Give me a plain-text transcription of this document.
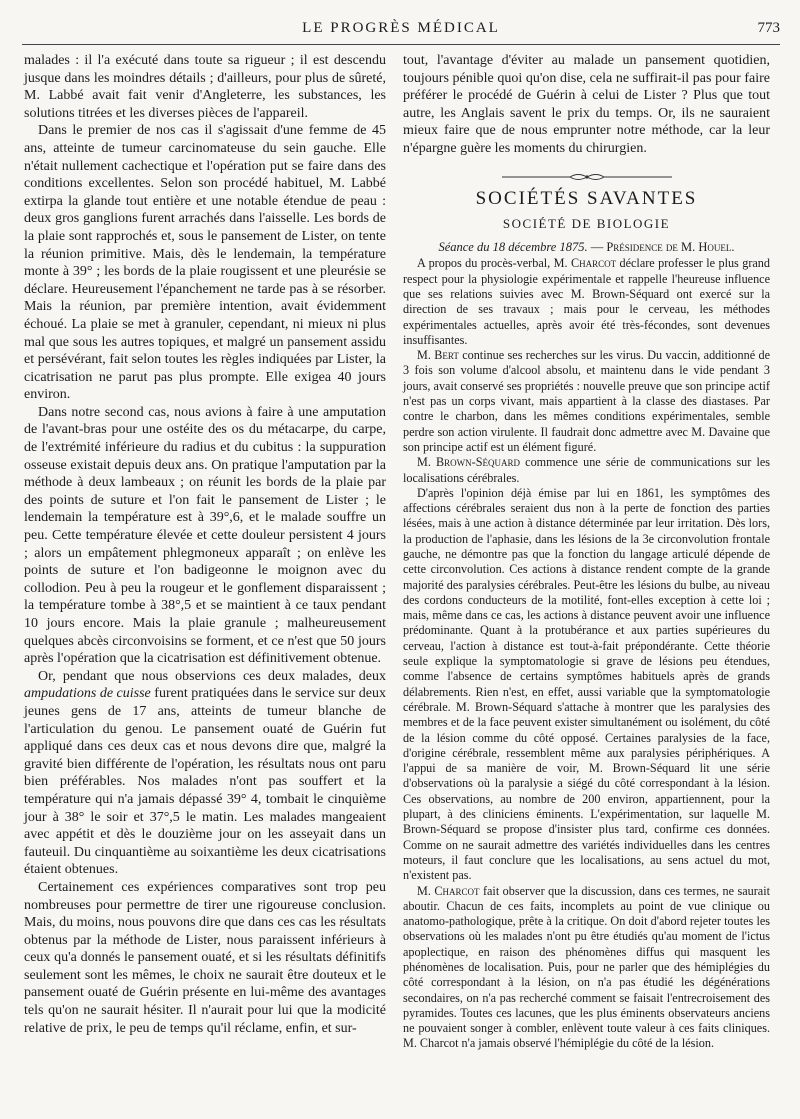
LE PROGRÈS MÉDICAL	773

malades : il l'a exécuté dans toute sa rigueur ; il est descendu jusque dans les moindres détails ; d'ailleurs, pour plus de sûreté, M. Labbé avait fait venir d'Angleterre, les substances, les solutions titrées et les diverses pièces de l'appareil.

Dans le premier de nos cas il s'agissait d'une femme de 45 ans, atteinte de tumeur carcinomateuse du sein gauche. Elle n'était nullement cachectique et l'opération put se faire dans des conditions excellentes. Selon son procédé habituel, M. Labbé extirpa la glande tout entière et une notable étendue de peau : deux gros ganglions furent arrachés dans l'aisselle. Les bords de la plaie sont rapprochés et, sous le pansement de Lister, on tente la réunion primitive. Mais, dès le lendemain, la température monte à 39° ; les bords de la plaie rougissent et une pleurésie se déclare. Heureusement l'épanchement ne tarde pas à se résorber. Mais la réunion, par première intention, avait évidemment échoué. La plaie se met à granuler, cependant, ni mieux ni plus mal que sous les autres topiques, et malgré un pansement assidu et persévérant, fait selon toutes les règles indiquées par Lister, la cicatrisation ne parut pas plus prompte. Elle exigea 40 jours environ.

Dans notre second cas, nous avions à faire à une amputation de l'avant-bras pour une ostéite des os du métacarpe, du carpe, de l'extrémité inférieure du radius et du cubitus : la suppuration osseuse existait depuis deux ans. On pratique l'amputation par la méthode à deux lambeaux ; on réunit les bords de la plaie par des points de suture et l'on fait le pansement de Lister ; le lendemain la température est à 39°,6, et le malade souffre un peu. Cette température élevée et cette douleur persistent 4 jours ; alors un empâtement phlegmoneux apparaît ; on enlève les points de suture et l'on badigeonne le moignon avec du collodion. Peu à peu la rougeur et le gonflement disparaissent ; la température tombe à 38°,5 et se maintient à ce taux pendant 10 jours encore. Mais la plaie granule ; malheureusement quelques abcès circonvoisins se forment, et ce n'est que 50 jours après l'opération que la cicatrisation est définitivement obtenue.

Or, pendant que nous observions ces deux malades, deux ampudations de cuisse furent pratiquées dans le service sur deux jeunes gens de 17 ans, atteints de tumeur blanche de l'articulation du genou. Le pansement ouaté de Guérin fut appliqué dans ces deux cas et nous devons dire que, malgré la gravité bien différente de l'opération, les résultats nous ont paru bien préférables. Nos malades n'ont pas souffert et la température qui n'a jamais dépassé 39° 4, tombait le cinquième jour à 38° le soir et 37°,5 le matin. Les malades mangeaient avec appétit et dès le douzième jour on les asseyait dans un fauteuil. Du cinquantième au soixantième les deux cicatrisations étaient obtenues.

Certainement ces expériences comparatives sont trop peu nombreuses pour permettre de tirer une rigoureuse conclusion. Mais, du moins, nous pouvons dire que dans ces cas les résultats obtenus par la méthode de Lister, nous paraissent inférieurs à ceux qu'a donnés le pansement ouaté, et si les résultats définitifs seulement sont les mêmes, le choix ne saurait être douteux et le pansement ouaté de Guérin présente en lui-même des avantages tels qu'on ne saurait hésiter. Il n'aurait pour lui que la modicité relative de prix, le peu de temps qu'il réclame, enfin, et sur-

tout, l'avantage d'éviter au malade un pansement quotidien, toujours pénible quoi qu'on dise, cela ne suffirait-il pas pour faire préférer le procédé de Guérin à celui de Lister ? Plus que tout autre, les Anglais savent le prix du temps. Or, ils ne sauraient mieux faire que de nous emprunter notre méthode, car la leur n'épargne guère les moments du chirurgien.

SOCIÉTÉS SAVANTES
SOCIÉTÉ DE BIOLOGIE

Séance du 18 décembre 1875. — Présidence de M. Houel.

A propos du procès-verbal, M. Charcot déclare professer le plus grand respect pour la physiologie expérimentale et rappelle l'heureuse influence que ses relations suivies avec M. Brown-Séquard ont exercé sur la direction de ses travaux ; mais pour le cerveau, les méthodes expérimentales actuelles, après avoir été très-fécondes, sont devenues insuffisantes.

M. Bert continue ses recherches sur les virus. Du vaccin, additionné de 3 fois son volume d'alcool absolu, et maintenu dans le vide pendant 3 jours, avait conservé ses propriétés : nouvelle preuve que son principe actif n'est pas un corps vivant, mais appartient à la classe des diastases. Par contre le charbon, dans les mêmes conditions expérimentales, semble perdre son action virulente. Il faudrait donc admettre avec M. Davaine que son principe actif est un élément figuré.

M. Brown-Séquard commence une série de communications sur les localisations cérébrales.

D'après l'opinion déjà émise par lui en 1861, les symptômes des affections cérébrales seraient dus non à la perte de fonction des parties lésées, mais à une action à distance déterminée par leur irritation. Dès lors, la production de l'aphasie, dans les lésions de la 3e circonvolution frontale gauche, ne démontre pas que la fonction du langage articulé dépende de cette circonvolution. Ces actions à distance rendent compte de la grande majorité des paralysies cérébrales. Peut-être les lésions du bulbe, au niveau des cordons conducteurs de la motilité, font-elles exception à cette loi ; mais, même dans ce cas, les actions à distance peuvent avoir une influence prédominante. Quant à la protubérance et aux parties supérieures du cerveau, l'action à distance est tout-à-fait prépondérante. Cette théorie seule explique la symptomatologie si grave de lésions peu étendues, comme l'absence de certains symptômes habituels après de grands délabrements. Rien n'est, en effet, aussi variable que la symptomatologie cérébrale. M. Brown-Séquard s'attache à montrer que les paralysies des membres et de la face peuvent exister simultanément ou isolément, du côté de la lésion comme du côté opposé. Certaines paralysies de la face, d'origine cérébrale, ressemblent même aux paralysies périphériques. A l'appui de sa manière de voir, M. Brown-Séquard lit une série d'observations où la paralysie a siégé du côté correspondant à la lésion. Ces observations, au nombre de 200 environ, appartiennent, pour la plupart, à des cliniciens éminents. L'expérimentation, sur laquelle M. Brown-Séquard se propose d'insister plus tard, confirme ces données. Comme on ne saurait admettre des variétés individuelles dans les centres moteurs, il faut conclure que les localisations, au sens actuel du mot, n'existent pas.

M. Charcot fait observer que la discussion, dans ces termes, ne saurait aboutir. Chacun de ces faits, incomplets au point de vue clinique ou anatomo-pathologique, prête à la critique. On doit d'abord rejeter toutes les observations où les malades n'ont pu être étudiés qu'au moment de l'ictus apoplectique, en raison des phénomènes diffus qui masquent les phénomènes de localisation. Puis, pour ne parler que des hémiplégies du côté correspondant à la lésion, on n'a pas étudié les dégénérations secondaires, on n'a pas recherché comment se faisait l'entrecroisement des pyramides. Toutes ces lacunes, que les plus éminents observateurs anciens ne pouvaient songer à combler, enlèvent toute valeur à ces faits cliniques. M. Charcot n'a jamais observé l'hémiplégie du côté de la lésion.
